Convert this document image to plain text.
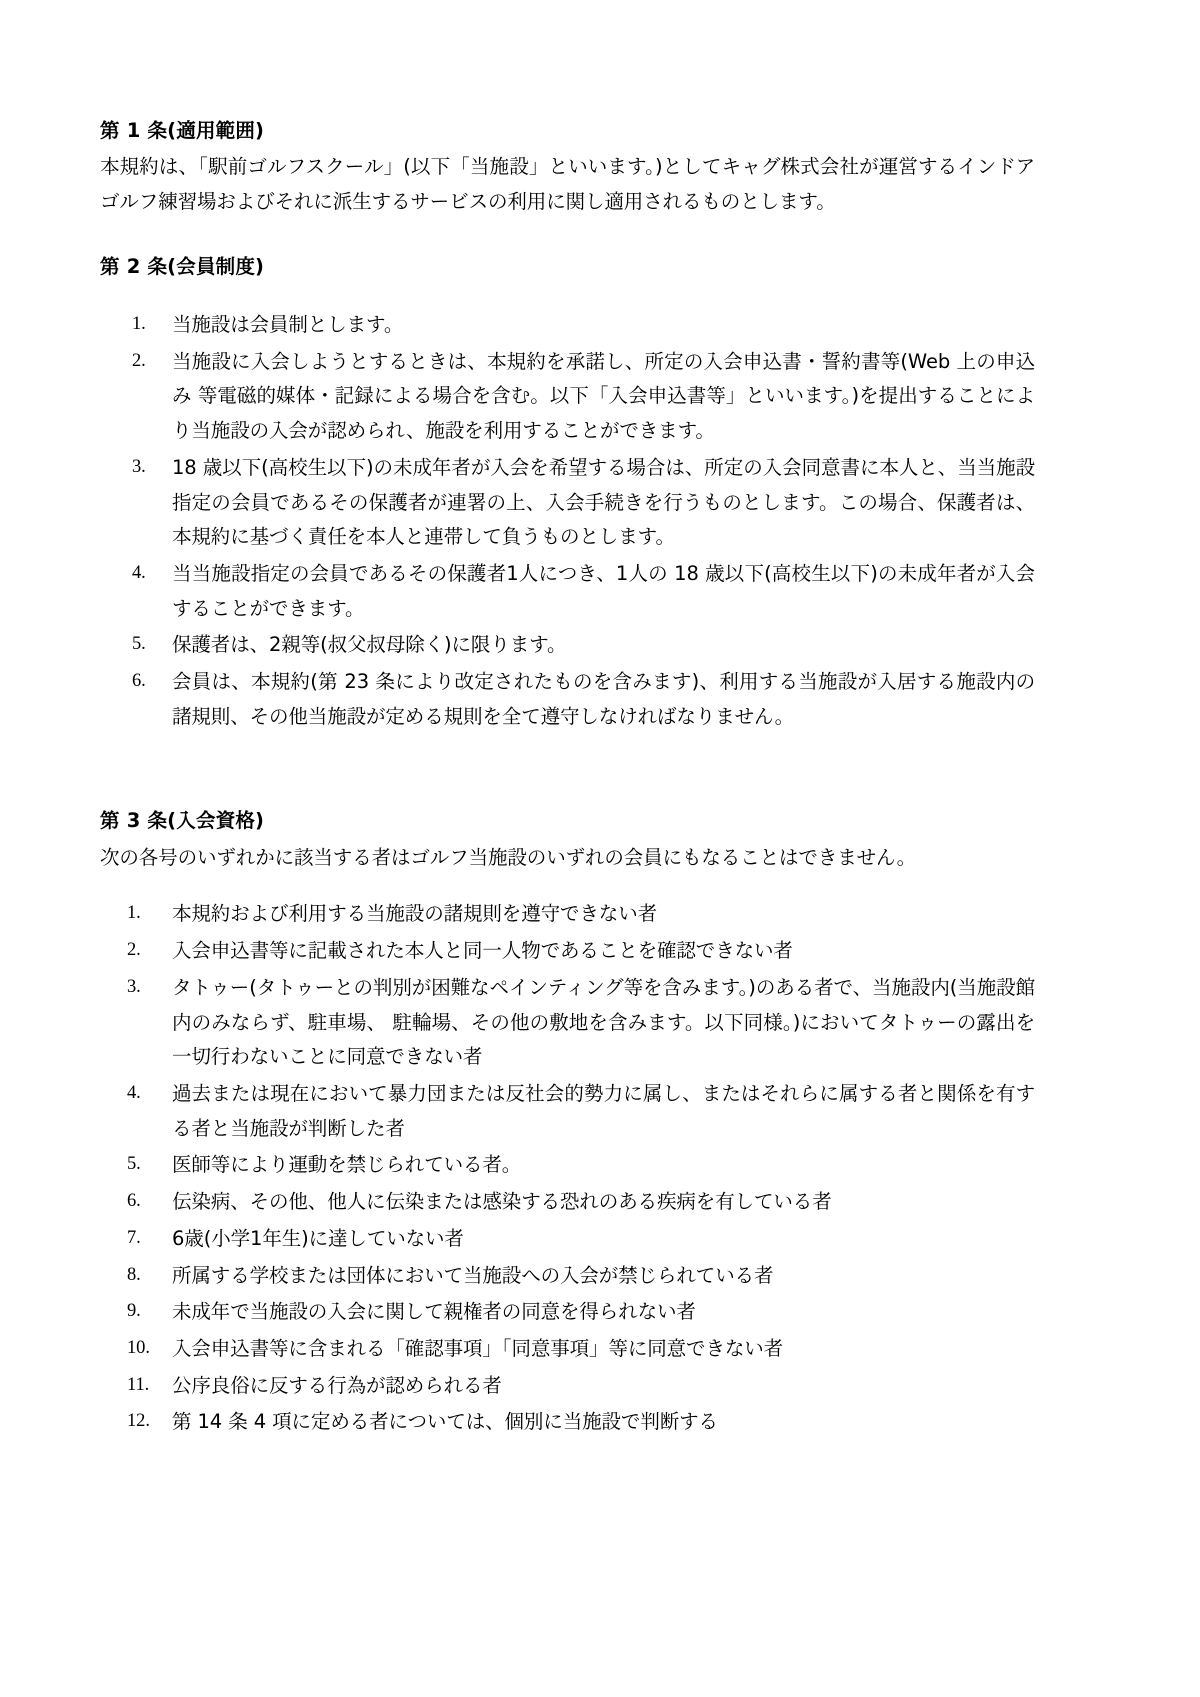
第 1 条(適用範囲)

本規約は、「駅前ゴルフスクール」(以下「当施設」といいます。)としてキャグ株式会社が運営するインドアゴルフ練習場およびそれに派生するサービスの利用に関し適用されるものとします。

第 2 条(会員制度)
当施設は会員制とします。
当施設に入会しようとするときは、本規約を承諾し、所定の入会申込書・誓約書等(Web 上の申込み 等電磁的媒体・記録による場合を含む。以下「入会申込書等」といいます。)を提出することにより当施設の入会が認められ、施設を利用することができます。
18 歳以下(高校生以下)の未成年者が入会を希望する場合は、所定の入会同意書に本人と、当当施設指定の会員であるその保護者が連署の上、入会手続きを行うものとします。この場合、保護者は、本規約に基づく責任を本人と連帯して負うものとします。
当当施設指定の会員であるその保護者1人につき、1人の 18 歳以下(高校生以下)の未成年者が入会することができます。
保護者は、2親等(叔父叔母除く)に限ります。
会員は、本規約(第 23 条により改定されたものを含みます)、利用する当施設が入居する施設内の諸規則、その他当施設が定める規則を全て遵守しなければなりません。
第 3 条(入会資格)

次の各号のいずれかに該当する者はゴルフ当施設のいずれの会員にもなることはできません。

本規約および利用する当施設の諸規則を遵守できない者
入会申込書等に記載された本人と同一人物であることを確認できない者
タトゥー(タトゥーとの判別が困難なペインティング等を含みます。)のある者で、当施設内(当施設館内のみならず、駐車場、 駐輪場、その他の敷地を含みます。以下同様。)においてタトゥーの露出を一切行わないことに同意できない者
過去または現在において暴力団または反社会的勢力に属し、またはそれらに属する者と関係を有する者と当施設が判断した者
医師等により運動を禁じられている者。
伝染病、その他、他人に伝染または感染する恐れのある疾病を有している者
6歳(小学1年生)に達していない者
所属する学校または団体において当施設への入会が禁じられている者
未成年で当施設の入会に関して親権者の同意を得られない者
入会申込書等に含まれる「確認事項」「同意事項」等に同意できない者
公序良俗に反する行為が認められる者
第 14 条 4 項に定める者については、個別に当施設で判断する
